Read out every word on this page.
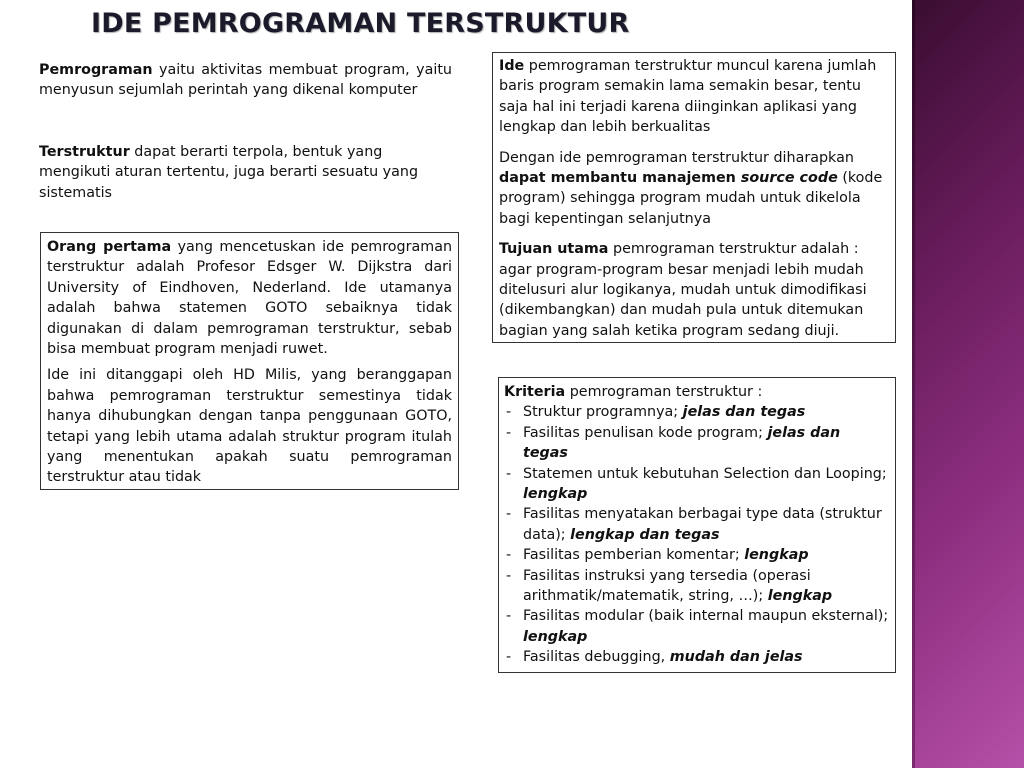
IDE PEMROGRAMAN TERSTRUKTUR

Pemrograman yaitu aktivitas membuat program, yaitu menyusun sejumlah perintah yang dikenal komputer

Terstruktur dapat berarti terpola, bentuk yang mengikuti aturan tertentu, juga berarti sesuatu yang sistematis

Orang pertama yang mencetuskan ide pemrograman terstruktur adalah Profesor Edsger W. Dijkstra dari University of Eindhoven, Nederland. Ide utamanya adalah bahwa statemen GOTO sebaiknya tidak digunakan di dalam pemrograman terstruktur, sebab bisa membuat program menjadi ruwet.

Ide ini ditanggapi oleh HD Milis, yang beranggapan bahwa pemrograman terstruktur semestinya tidak hanya dihubungkan dengan tanpa penggunaan GOTO, tetapi yang lebih utama adalah struktur program itulah yang menentukan apakah suatu pemrograman terstruktur atau tidak

Ide pemrograman terstruktur muncul karena jumlah baris program semakin lama semakin besar, tentu saja hal ini terjadi karena diinginkan aplikasi yang lengkap dan lebih berkualitas

Dengan ide pemrograman terstruktur diharapkan dapat membantu manajemen source code (kode program) sehingga program mudah untuk dikelola bagi kepentingan selanjutnya

Tujuan utama pemrograman terstruktur adalah : agar program-program besar menjadi lebih mudah ditelusuri alur logikanya, mudah untuk dimodifikasi (dikembangkan) dan mudah pula untuk ditemukan bagian yang salah ketika program sedang diuji.

Kriteria pemrograman terstruktur :

- Struktur programnya; jelas dan tegas
- Fasilitas penulisan kode program; jelas dan tegas
- Statemen untuk kebutuhan Selection dan Looping; lengkap
- Fasilitas menyatakan berbagai type data (struktur data); lengkap dan tegas
- Fasilitas pemberian komentar; lengkap
- Fasilitas instruksi yang tersedia (operasi arithmatik/matematik, string, …); lengkap
- Fasilitas modular (baik internal maupun eksternal); lengkap
- Fasilitas debugging, mudah dan jelas
